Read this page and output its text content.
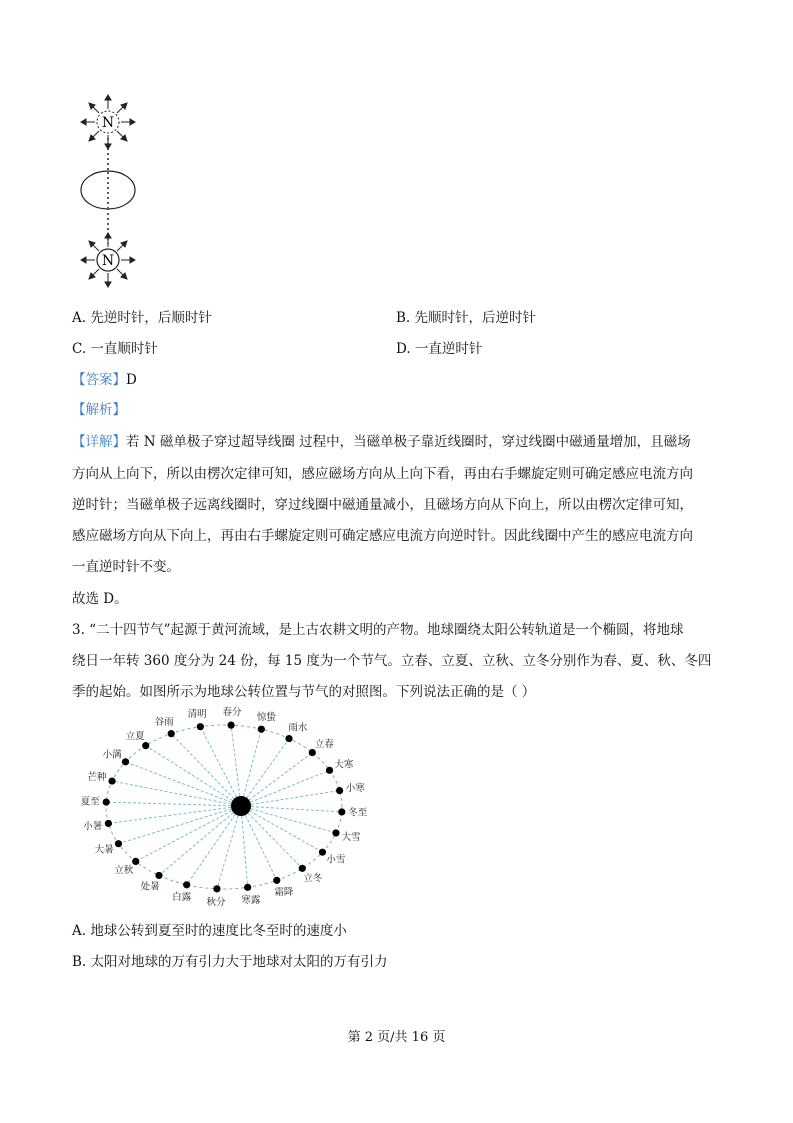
N
N
A. 先逆时针，后顺时针	B. 先顺时针，后逆时针
C. 一直顺时针	D. 一直逆时针
【答案】D
【解析】
【详解】若 N 磁单极子穿过超导线圈 过程中，当磁单极子靠近线圈时，穿过线圈中磁通量增加，且磁场
方向从上向下，所以由楞次定律可知，感应磁场方向从上向下看，再由右手螺旋定则可确定感应电流方向
逆时针；当磁单极子远离线圈时，穿过线圈中磁通量减小，且磁场方向从下向上，所以由楞次定律可知，
感应磁场方向从下向上，再由右手螺旋定则可确定感应电流方向逆时针。因此线圈中产生的感应电流方向
一直逆时针不变。
故选 D。
3. “二十四节气”起源于黄河流域，是上古农耕文明的产物。地球圈绕太阳公转轨道是一个椭圆，将地球
绕日一年转 360 度分为 24 份，每 15 度为一个节气。立春、立夏、立秋、立冬分别作为春、夏、秋、冬四
季的起始。如图所示为地球公转位置与节气的对照图。下列说法正确的是（ ）
春分 惊蛰
雨水
立春
大寒
小寒
冬至
大雪
小雪
立冬
霜降
寒露
秋分
白露
处暑
立秋
大暑
小暑
夏至
芒种
小满
立夏
谷雨
清明
A. 地球公转到夏至时的速度比冬至时的速度小
B. 太阳对地球的万有引力大于地球对太阳的万有引力
第 2 页/共 16 页
